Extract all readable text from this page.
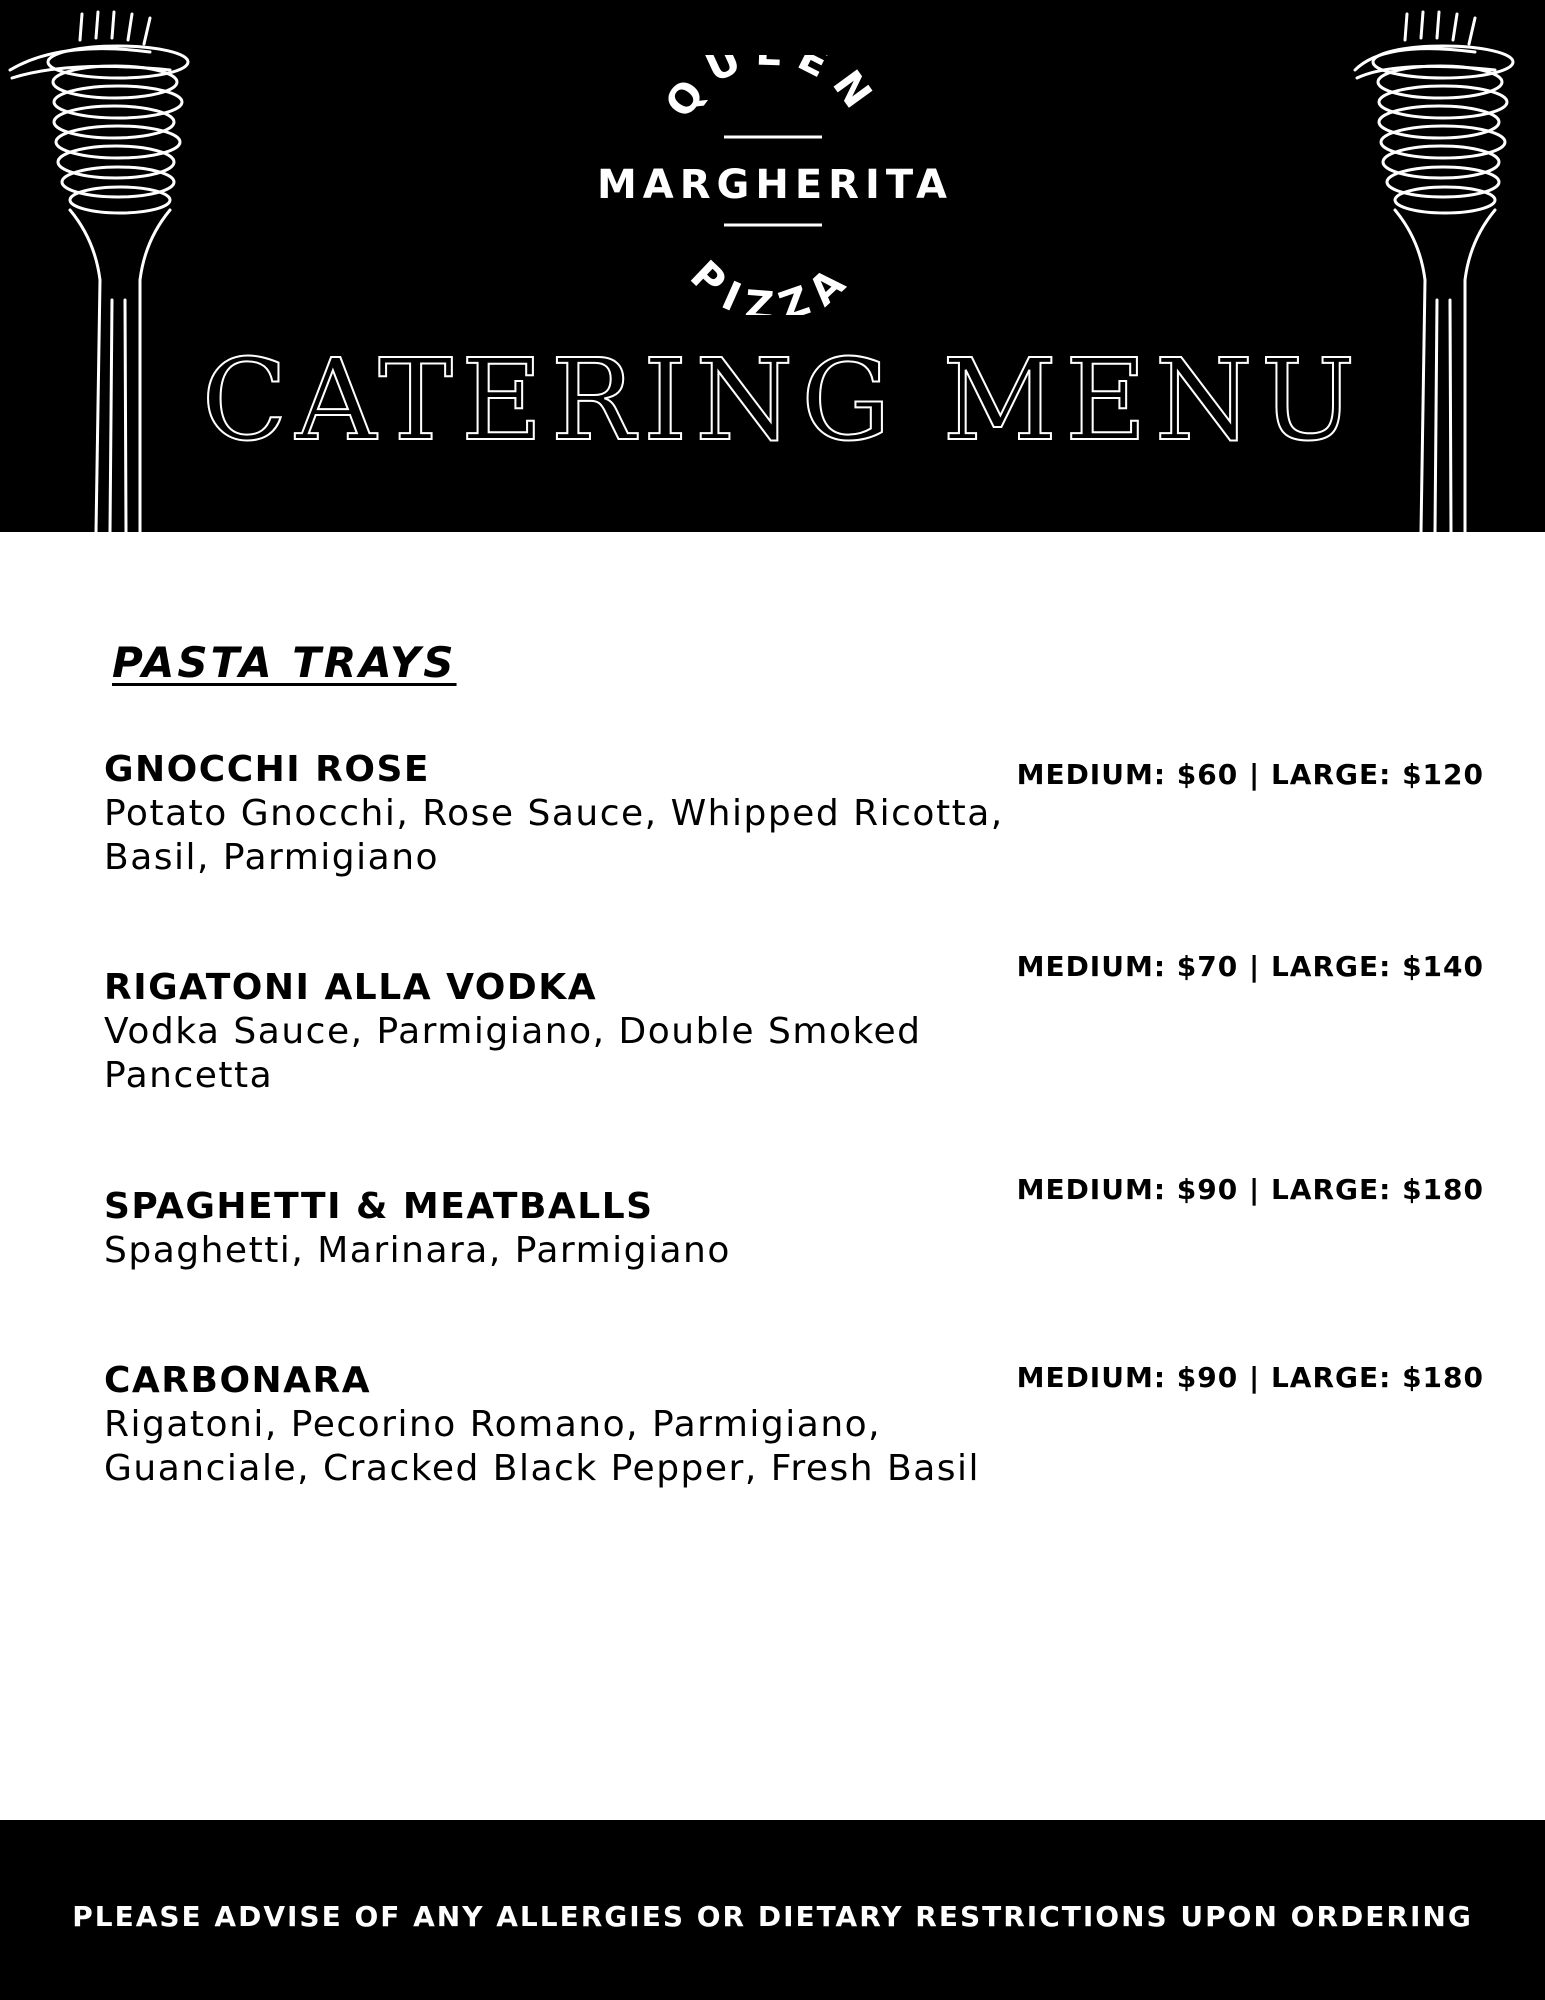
QU EN
MARGHERITA
PIZZA
CATERING MENU
PASTA TRAYS
GNOCCHI ROSE
Potato Gnocchi, Rose Sauce, Whipped Ricotta, Basil, Parmigiano
MEDIUM: $60 | LARGE: $120
RIGATONI ALLA VODKA
Vodka Sauce, Parmigiano, Double Smoked Pancetta
MEDIUM: $70 | LARGE: $140
SPAGHETTI & MEATBALLS
Spaghetti, Marinara, Parmigiano
MEDIUM: $90 | LARGE: $180
CARBONARA
Rigatoni, Pecorino Romano, Parmigiano, Guanciale, Cracked Black Pepper, Fresh Basil
MEDIUM: $90 | LARGE: $180
PLEASE ADVISE OF ANY ALLERGIES OR DIETARY RESTRICTIONS UPON ORDERING
